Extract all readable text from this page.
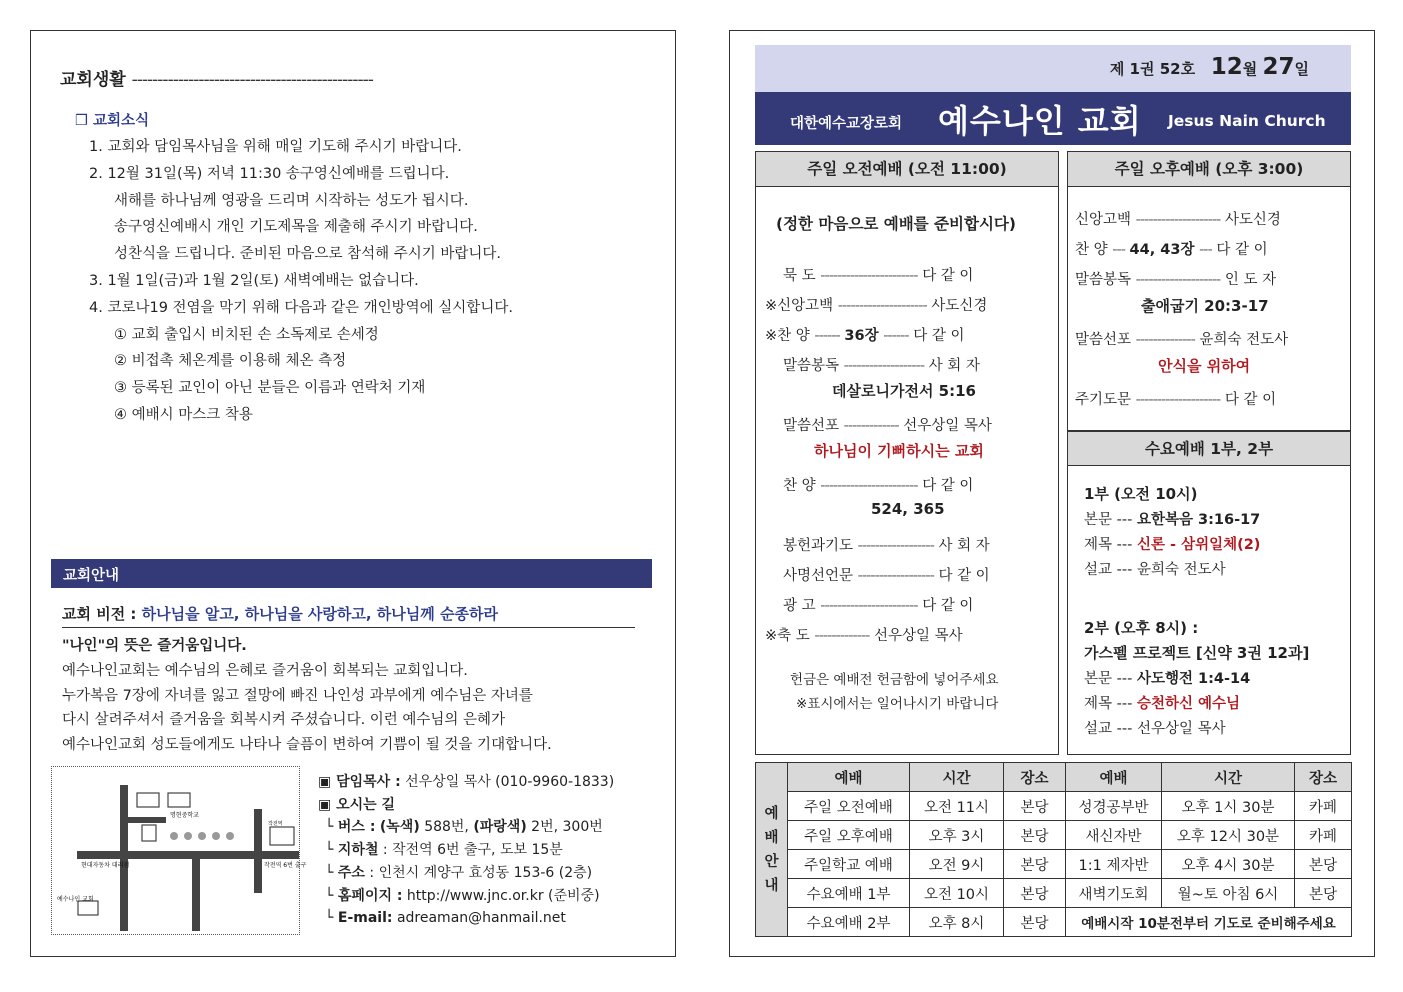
교회생활 -----------------------------------------------
❒ 교회소식
1. 교회와 담임목사님을 위해 매일 기도해 주시기 바랍니다.
2. 12월 31일(목) 저녁 11:30 송구영신예배를 드립니다.
새해를 하나님께 영광을 드리며 시작하는 성도가 됩시다.
송구영신예배시 개인 기도제목을 제출해 주시기 바랍니다.
성찬식을 드립니다. 준비된 마음으로 참석해 주시기 바랍니다.
3. 1월 1일(금)과 1월 2일(토) 새벽예배는 없습니다.
4. 코로나19 전염을 막기 위해 다음과 같은 개인방역에 실시합니다.
① 교회 출입시 비치된 손 소독제로 손세정
② 비접촉 체온계를 이용해 체온 측정
③ 등록된 교인이 아닌 분들은 이름과 연락처 기재
④ 예배시 마스크 착용
교회안내
교회 비전 : 하나님을 알고, 하나님을 사랑하고, 하나님께 순종하라
"나인"의 뜻은 즐거움입니다.
예수나인교회는 예수님의 은혜로 즐거움이 회복되는 교회입니다.
누가복음 7장에 자녀를 잃고 절망에 빠진 나인성 과부에게 예수님은 자녀를
다시 살려주셔서 즐거움을 회복시켜 주셨습니다. 이런 예수님의 은혜가
예수나인교회 성도들에게도 나타나 슬픔이 변하여 기쁨이 될 것을 기대합니다.
명현중학교
현대자동차 대리점
예수나인 교회
작전역 6번 출구
작전역
▣ 담임목사 : 선우상일 목사 (010-9960-1833)
▣ 오시는 길
└ 버스 : (녹색) 588번, (파랑색) 2번, 300번
└ 지하철 : 작전역 6번 출구, 도보 15분
└ 주소 : 인천시 계양구 효성동 153-6 (2층)
└ 홈페이지 : http://www.jnc.or.kr (준비중)
└ E-mail: adreaman@hanmail.net
제 1권 52호 12월 27일
대한예수교장로회 예수나인 교회 Jesus Nain Church
주일 오전예배 (오전 11:00)
(정한 마음으로 예배를 준비합시다)
묵 도 ----------------------- 다 같 이
※신앙고백 --------------------- 사도신경
※찬 양 ------ 36장 ------ 다 같 이
말씀봉독 ------------------- 사 회 자
데살로니가전서 5:16
말씀선포 ------------- 선우상일 목사
하나님이 기뻐하시는 교회
찬 양 ----------------------- 다 같 이
524, 365
봉헌과기도 ------------------ 사 회 자
사명선언문 ------------------ 다 같 이
광 고 ----------------------- 다 같 이
※축 도 ------------- 선우상일 목사
헌금은 예배전 헌금함에 넣어주세요
※표시에서는 일어나시기 바랍니다
주일 오후예배 (오후 3:00)
신앙고백 -------------------- 사도신경
찬 양 --- 44, 43장 --- 다 같 이
말씀봉독 -------------------- 인 도 자
출애굽기 20:3-17
말씀선포 -------------- 윤희숙 전도사
안식을 위하여
주기도문 -------------------- 다 같 이
수요예배 1부, 2부
1부 (오전 10시)
본문 --- 요한복음 3:16-17
제목 --- 신론 - 삼위일체(2)
설교 --- 윤희숙 전도사
2부 (오후 8시) :
가스펠 프로젝트 [신약 3권 12과]
본문 --- 사도행전 1:4-14
제목 --- 승천하신 예수님
설교 --- 선우상일 목사
예
배
안
내	예배	시간	장소	예배	시간	장소
	주일 오전예배	오전 11시	본당	성경공부반	오후 1시 30분	카페
	주일 오후예배	오후 3시	본당	새신자반	오후 12시 30분	카페
	주일학교 예배	오전 9시	본당	1:1 제자반	오후 4시 30분	본당
	수요예배 1부	오전 10시	본당	새벽기도회	월~토 아침 6시	본당
	수요예배 2부	오후 8시	본당	예배시작 10분전부터 기도로 준비해주세요		
